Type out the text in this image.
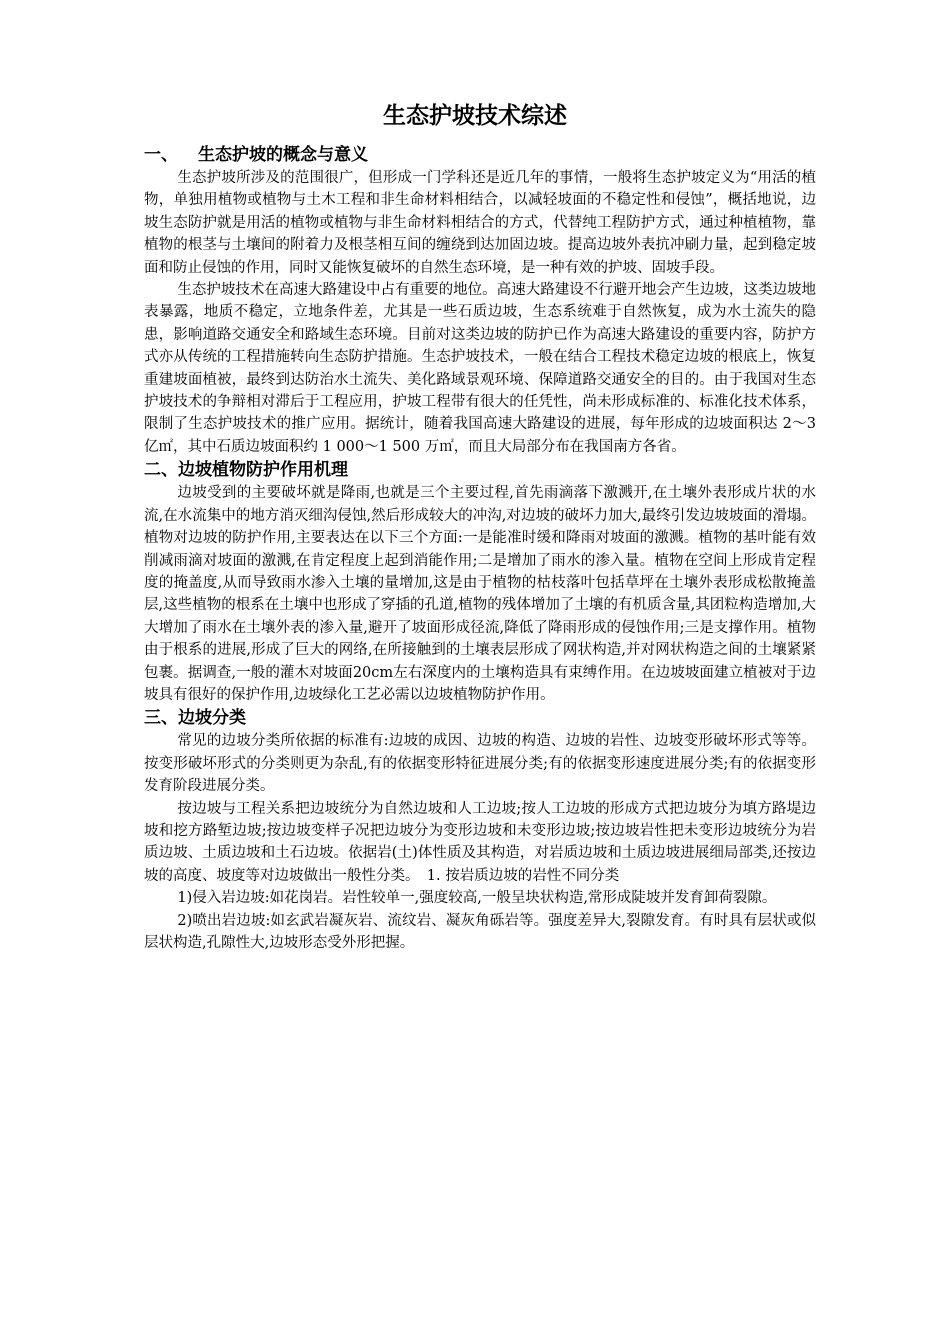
生态护坡技术综述
一、 生态护坡的概念与意义

生态护坡所涉及的范围很广，但形成一门学科还是近几年的事情，一般将生态护坡定义为“用活的植物，单独用植物或植物与土木工程和非生命材料相结合，以减轻坡面的不稳定性和侵蚀”，概括地说，边坡生态防护就是用活的植物或植物与非生命材料相结合的方式，代替纯工程防护方式，通过种植植物，靠植物的根茎与土壤间的附着力及根茎相互间的缠绕到达加固边坡。提高边坡外表抗冲刷力量，起到稳定坡面和防止侵蚀的作用，同时又能恢复破坏的自然生态环境，是一种有效的护坡、固坡手段。

生态护坡技术在高速大路建设中占有重要的地位。高速大路建设不行避开地会产生边坡，这类边坡地表暴露，地质不稳定，立地条件差，尤其是一些石质边坡，生态系统难于自然恢复，成为水土流失的隐患，影响道路交通安全和路域生态环境。目前对这类边坡的防护已作为高速大路建设的重要内容，防护方式亦从传统的工程措施转向生态防护措施。生态护坡技术，一般在结合工程技术稳定边坡的根底上，恢复重建坡面植被，最终到达防治水土流失、美化路域景观环境、保障道路交通安全的目的。由于我国对生态护坡技术的争辩相对滞后于工程应用，护坡工程带有很大的任凭性，尚未形成标准的、标准化技术体系，限制了生态护坡技术的推广应用。据统计，随着我国高速大路建设的进展，每年形成的边坡面积达 2～3 亿㎡，其中石质边坡面积约 1 000～1 500 万㎡，而且大局部分布在我国南方各省。

二、边坡植物防护作用机理

边坡受到的主要破坏就是降雨,也就是三个主要过程,首先雨滴落下激溅开,在土壤外表形成片状的水流,在水流集中的地方消灭细沟侵蚀,然后形成较大的冲沟,对边坡的破坏力加大,最终引发边坡坡面的滑塌。植物对边坡的防护作用,主要表达在以下三个方面:一是能准时缓和降雨对坡面的激溅。植物的基叶能有效削减雨滴对坡面的激溅,在肯定程度上起到消能作用;二是增加了雨水的渗入量。植物在空间上形成肯定程度的掩盖度,从而导致雨水渗入土壤的量增加,这是由于植物的枯枝落叶包括草坪在土壤外表形成松散掩盖层,这些植物的根系在土壤中也形成了穿插的孔道,植物的残体增加了土壤的有机质含量,其团粒构造增加,大大增加了雨水在土壤外表的渗入量,避开了坡面形成径流,降低了降雨形成的侵蚀作用;三是支撑作用。植物由于根系的进展,形成了巨大的网络,在所接触到的土壤表层形成了网状构造,并对网状构造之间的土壤紧紧包裹。据调查,一般的灌木对坡面20cm左右深度内的土壤构造具有束缚作用。在边坡坡面建立植被对于边坡具有很好的保护作用,边坡绿化工艺必需以边坡植物防护作用。

三、边坡分类

常见的边坡分类所依据的标准有:边坡的成因、边坡的构造、边坡的岩性、边坡变形破坏形式等等。按变形破坏形式的分类则更为杂乱,有的依据变形特征进展分类;有的依据变形速度进展分类;有的依据变形发育阶段进展分类。

按边坡与工程关系把边坡统分为自然边坡和人工边坡;按人工边坡的形成方式把边坡分为填方路堤边坡和挖方路堑边坡;按边坡变样子况把边坡分为变形边坡和未变形边坡;按边坡岩性把未变形边坡统分为岩质边坡、土质边坡和土石边坡。依据岩(土)体性质及其构造，对岩质边坡和土质边坡进展细局部类,还按边坡的高度、坡度等对边坡做出一般性分类。　1. 按岩质边坡的岩性不同分类

1)侵入岩边坡:如花岗岩。岩性较单一,强度较高,一般呈块状构造,常形成陡坡并发育卸荷裂隙。

2)喷出岩边坡:如玄武岩凝灰岩、流纹岩、凝灰角砾岩等。强度差异大,裂隙发育。有时具有层状或似层状构造,孔隙性大,边坡形态受外形把握。
